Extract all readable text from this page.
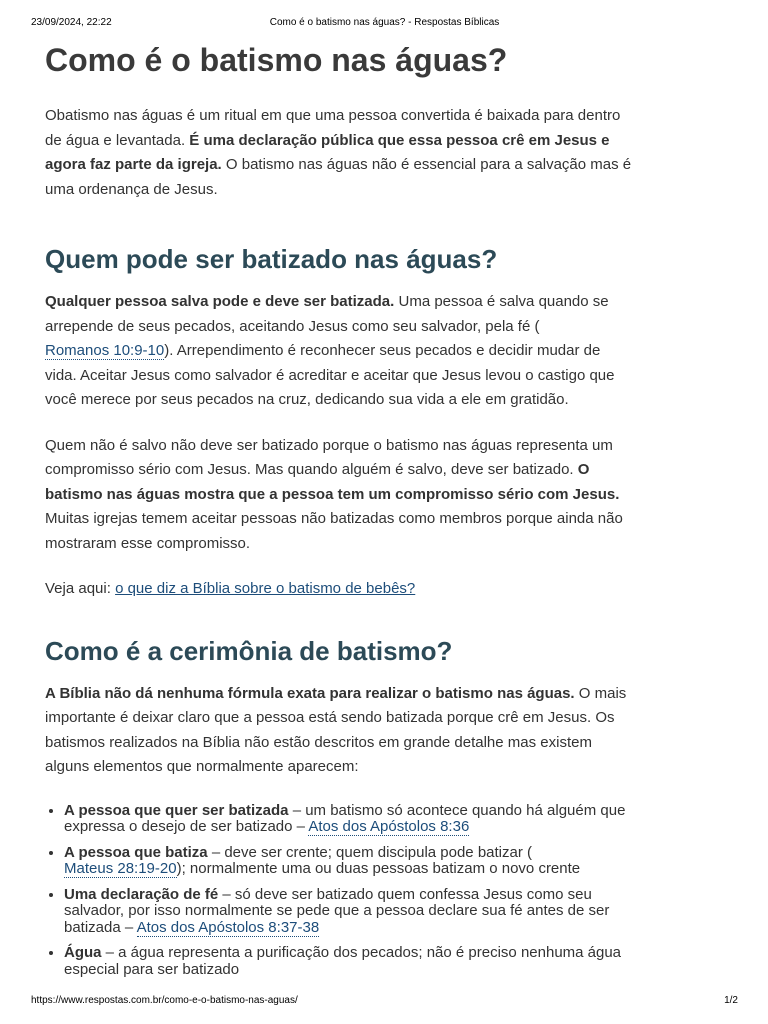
23/09/2024, 22:22	Como é o batismo nas águas? - Respostas Bíblicas
Como é o batismo nas águas?

Obatismo nas águas é um ritual em que uma pessoa convertida é baixada para dentro de água e levantada. É uma declaração pública que essa pessoa crê em Jesus e agora faz parte da igreja. O batismo nas águas não é essencial para a salvação mas é uma ordenança de Jesus.

Quem pode ser batizado nas águas?

Qualquer pessoa salva pode e deve ser batizada. Uma pessoa é salva quando se arrepende de seus pecados, aceitando Jesus como seu salvador, pela fé (
Romanos 10:9-10). Arrependimento é reconhecer seus pecados e decidir mudar de vida. Aceitar Jesus como salvador é acreditar e aceitar que Jesus levou o castigo que você merece por seus pecados na cruz, dedicando sua vida a ele em gratidão.

Quem não é salvo não deve ser batizado porque o batismo nas águas representa um compromisso sério com Jesus. Mas quando alguém é salvo, deve ser batizado. O batismo nas águas mostra que a pessoa tem um compromisso sério com Jesus. Muitas igrejas temem aceitar pessoas não batizadas como membros porque ainda não mostraram esse compromisso.

Veja aqui: o que diz a Bíblia sobre o batismo de bebês?

Como é a cerimônia de batismo?

A Bíblia não dá nenhuma fórmula exata para realizar o batismo nas águas. O mais importante é deixar claro que a pessoa está sendo batizada porque crê em Jesus. Os batismos realizados na Bíblia não estão descritos em grande detalhe mas existem alguns elementos que normalmente aparecem:

• A pessoa que quer ser batizada – um batismo só acontece quando há alguém que expressa o desejo de ser batizado – Atos dos Apóstolos 8:36
• A pessoa que batiza – deve ser crente; quem discipula pode batizar (
Mateus 28:19-20); normalmente uma ou duas pessoas batizam o novo crente
• Uma declaração de fé – só deve ser batizado quem confessa Jesus como seu salvador, por isso normalmente se pede que a pessoa declare sua fé antes de ser batizada – Atos dos Apóstolos 8:37-38
• Água – a água representa a purificação dos pecados; não é preciso nenhuma água especial para ser batizado
https://www.respostas.com.br/como-e-o-batismo-nas-aguas/	1/2
